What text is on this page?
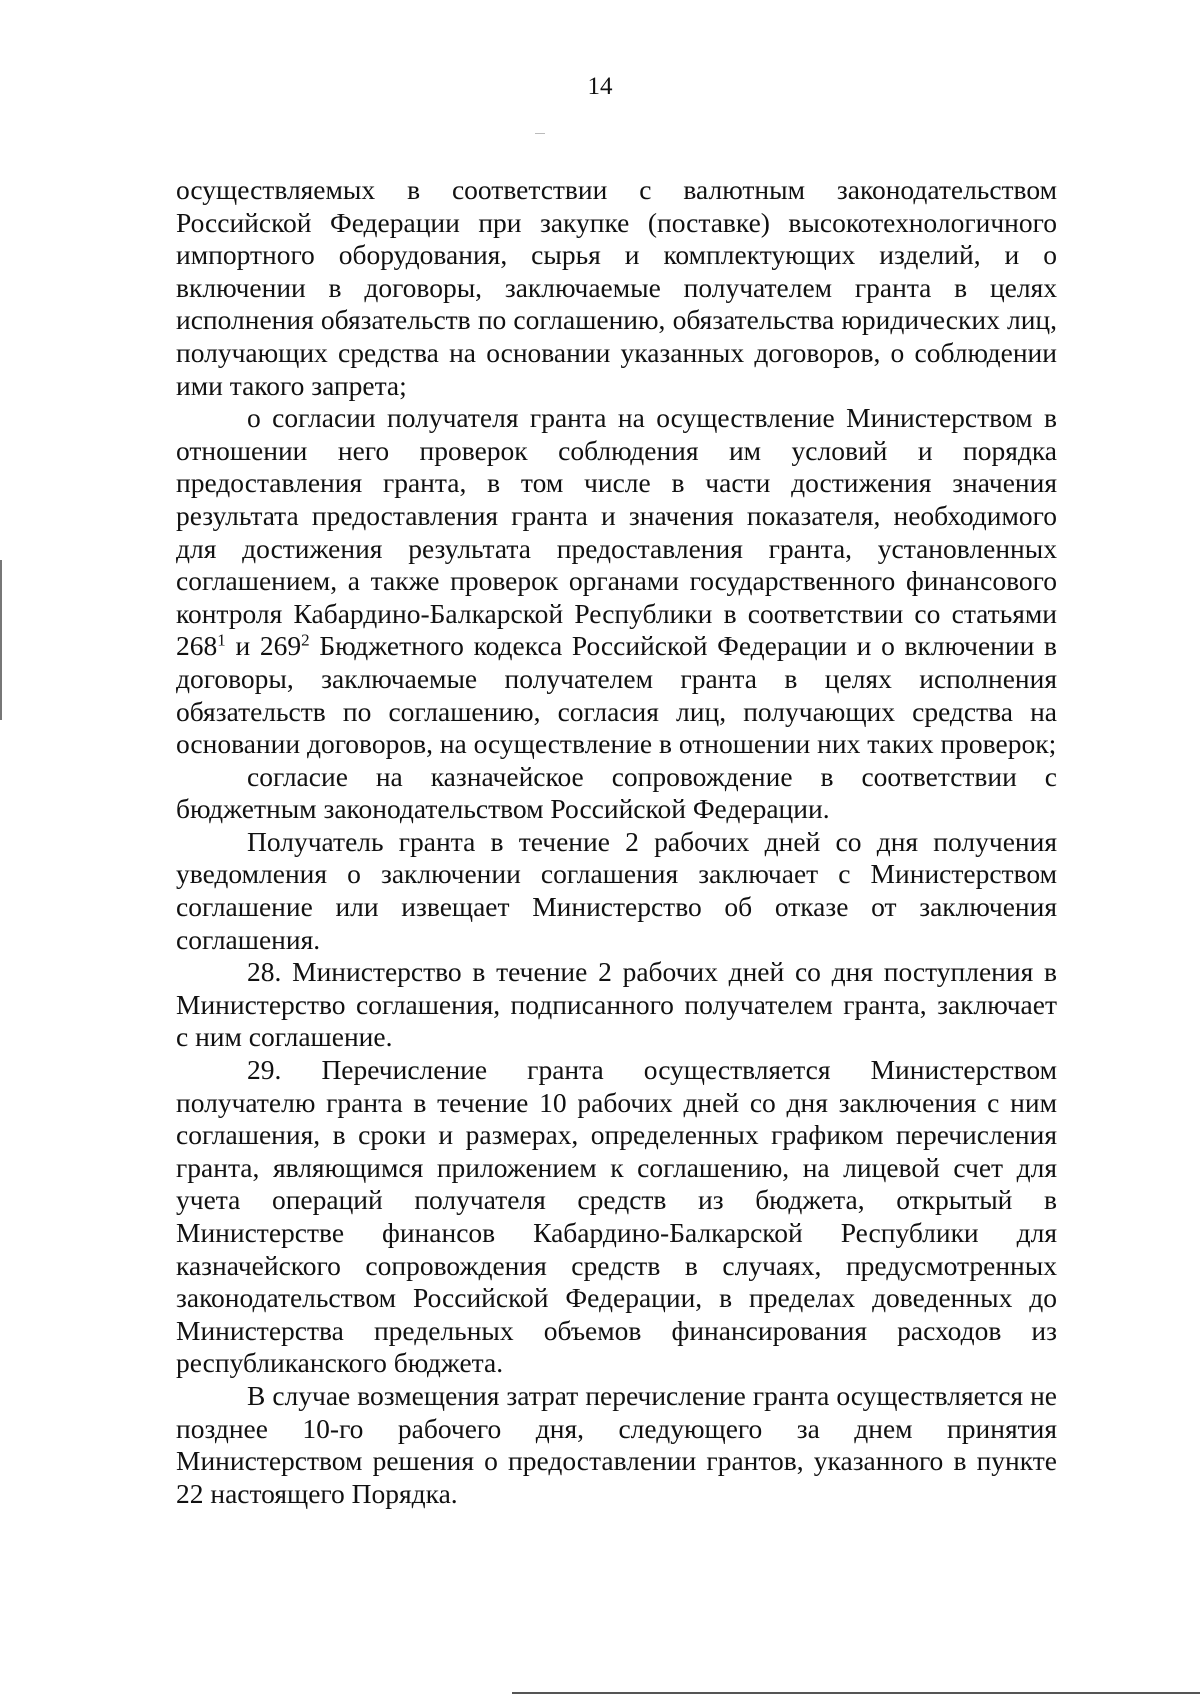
14

осуществляемых в соответствии с валютным законодательством Российской Федерации при закупке (поставке) высокотехнологичного импортного оборудования, сырья и комплектующих изделий, и о включении в договоры, заключаемые получателем гранта в целях исполнения обязательств по соглашению, обязательства юридических лиц, получающих средства на основании указанных договоров, о соблюдении ими такого запрета;

о согласии получателя гранта на осуществление Министерством в отношении него проверок соблюдения им условий и порядка предоставления гранта, в том числе в части достижения значения результата предоставления гранта и значения показателя, необходимого для достижения результата предоставления гранта, установленных соглашением, а также проверок органами государственного финансового контроля Кабардино-Балкарской Республики в соответствии со статьями $268^1$ и $269^2$ Бюджетного кодекса Российской Федерации и о включении в договоры, заключаемые получателем гранта в целях исполнения обязательств по соглашению, согласия лиц, получающих средства на основании договоров, на осуществление в отношении них таких проверок;

согласие на казначейское сопровождение в соответствии с бюджетным законодательством Российской Федерации.

Получатель гранта в течение 2 рабочих дней со дня получения уведомления о заключении соглашения заключает с Министерством соглашение или извещает Министерство об отказе от заключения соглашения.

28. Министерство в течение 2 рабочих дней со дня поступления в Министерство соглашения, подписанного получателем гранта, заключает с ним соглашение.

29. Перечисление гранта осуществляется Министерством получателю гранта в течение 10 рабочих дней со дня заключения с ним соглашения, в сроки и размерах, определенных графиком перечисления гранта, являющимся приложением к соглашению, на лицевой счет для учета операций получателя средств из бюджета, открытый в Министерстве финансов Кабардино-Балкарской Республики для казначейского сопровождения средств в случаях, предусмотренных законодательством Российской Федерации, в пределах доведенных до Министерства предельных объемов финансирования расходов из республиканского бюджета.

В случае возмещения затрат перечисление гранта осуществляется не позднее 10-го рабочего дня, следующего за днем принятия Министерством решения о предоставлении грантов, указанного в пункте 22 настоящего Порядка.
